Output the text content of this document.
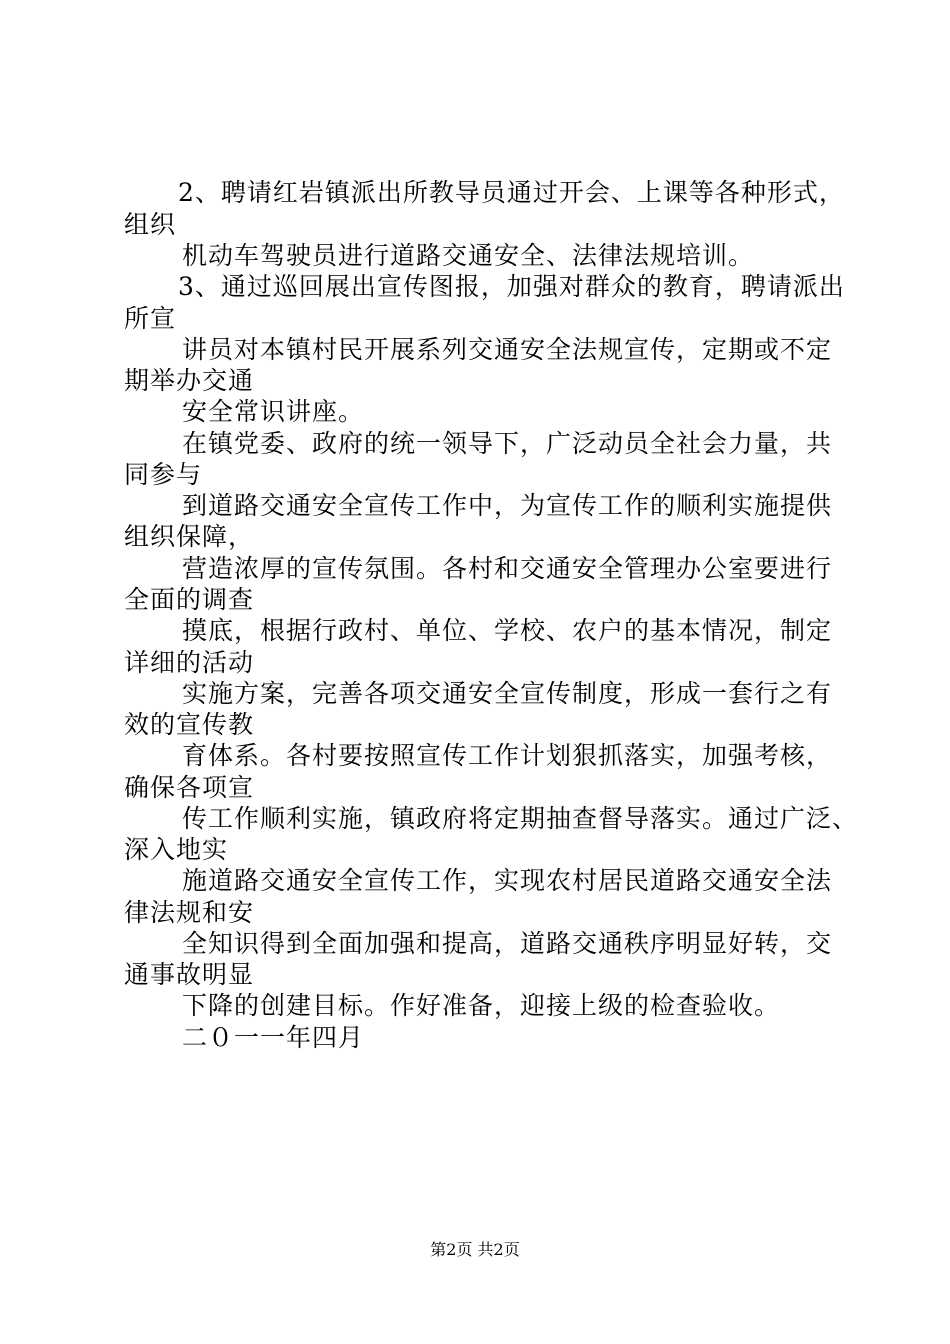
2、聘请红岩镇派出所教导员通过开会、上课等各种形式，
组织
机动车驾驶员进行道路交通安全、法律法规培训。
3、通过巡回展出宣传图报，加强对群众的教育，聘请派出
所宣
讲员对本镇村民开展系列交通安全法规宣传，定期或不定
期举办交通
安全常识讲座。
在镇党委、政府的统一领导下，广泛动员全社会力量，共
同参与
到道路交通安全宣传工作中，为宣传工作的顺利实施提供
组织保障，
营造浓厚的宣传氛围。各村和交通安全管理办公室要进行
全面的调查
摸底，根据行政村、单位、学校、农户的基本情况，制定
详细的活动
实施方案，完善各项交通安全宣传制度，形成一套行之有
效的宣传教
育体系。各村要按照宣传工作计划狠抓落实，加强考核，
确保各项宣
传工作顺利实施，镇政府将定期抽查督导落实。通过广泛、
深入地实
施道路交通安全宣传工作，实现农村居民道路交通安全法
律法规和安
全知识得到全面加强和提高，道路交通秩序明显好转，交
通事故明显
下降的创建目标。作好准备，迎接上级的检查验收。
二０一一年四月
第2页 共2页
